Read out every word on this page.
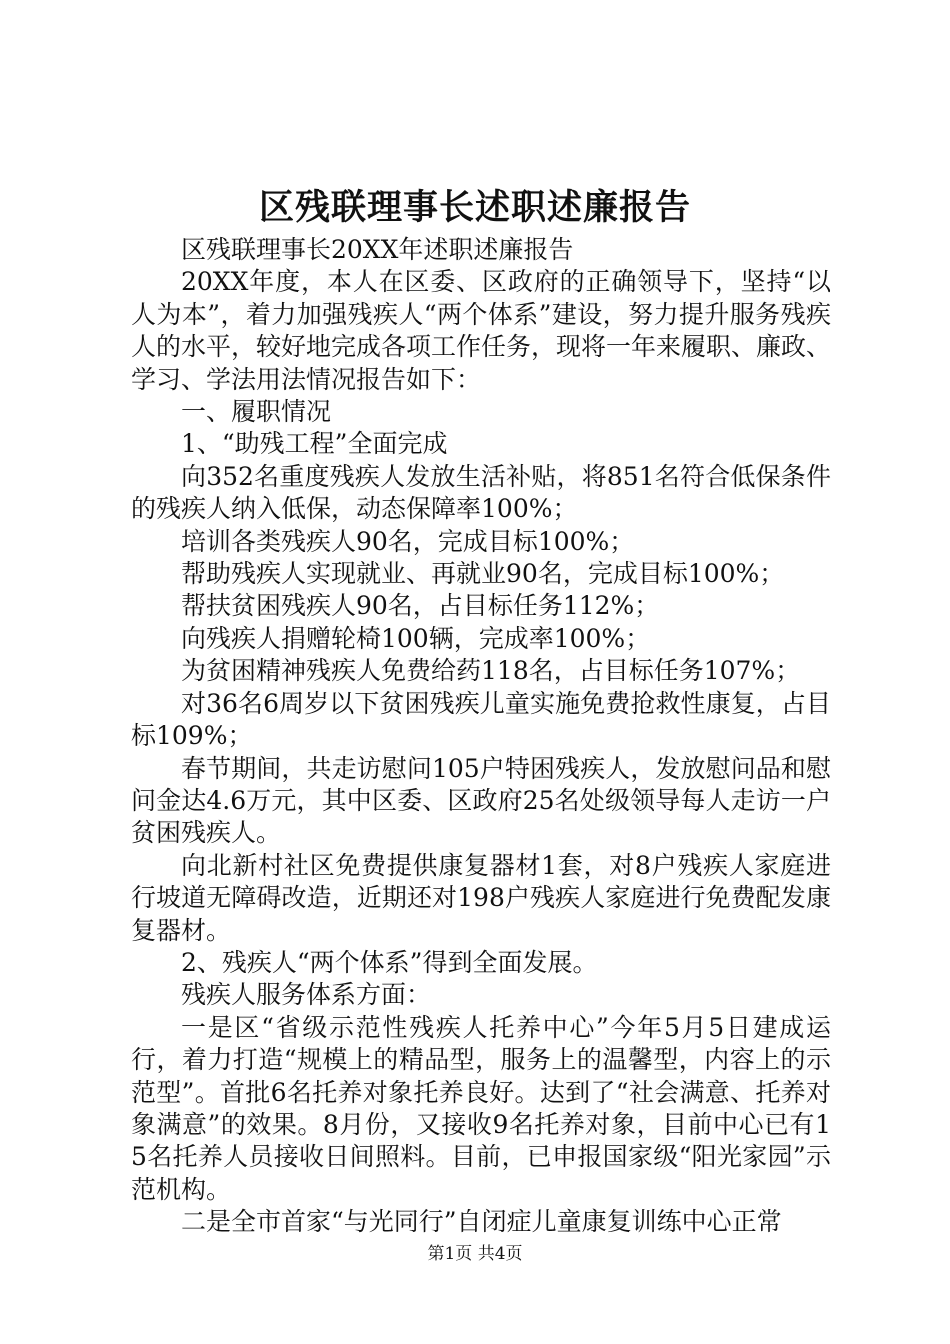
区残联理事长述职述廉报告

区残联理事长20XX年述职述廉报告

20XX年度，本人在区委、区政府的正确领导下，坚持“以人为本”，着力加强残疾人“两个体系”建设，努力提升服务残疾人的水平，较好地完成各项工作任务，现将一年来履职、廉政、学习、学法用法情况报告如下：

一、履职情况

1、“助残工程”全面完成

向352名重度残疾人发放生活补贴，将851名符合低保条件的残疾人纳入低保，动态保障率100%；

培训各类残疾人90名，完成目标100%；

帮助残疾人实现就业、再就业90名，完成目标100%；

帮扶贫困残疾人90名，占目标任务112%；

向残疾人捐赠轮椅100辆，完成率100%；

为贫困精神残疾人免费给药118名，占目标任务107%；

对36名6周岁以下贫困残疾儿童实施免费抢救性康复，占目标109%；

春节期间，共走访慰问105户特困残疾人，发放慰问品和慰问金达4.6万元，其中区委、区政府25名处级领导每人走访一户贫困残疾人。

向北新村社区免费提供康复器材1套，对8户残疾人家庭进行坡道无障碍改造，近期还对198户残疾人家庭进行免费配发康复器材。

2、残疾人“两个体系”得到全面发展。

残疾人服务体系方面：

一是区“省级示范性残疾人托养中心”今年5月5日建成运行，着力打造“规模上的精品型，服务上的温馨型，内容上的示范型”。首批6名托养对象托养良好。达到了“社会满意、托养对象满意”的效果。8月份，又接收9名托养对象，目前中心已有15名托养人员接收日间照料。目前，已申报国家级“阳光家园”示范机构。

二是全市首家“与光同行”自闭症儿童康复训练中心正常

第1页 共4页
